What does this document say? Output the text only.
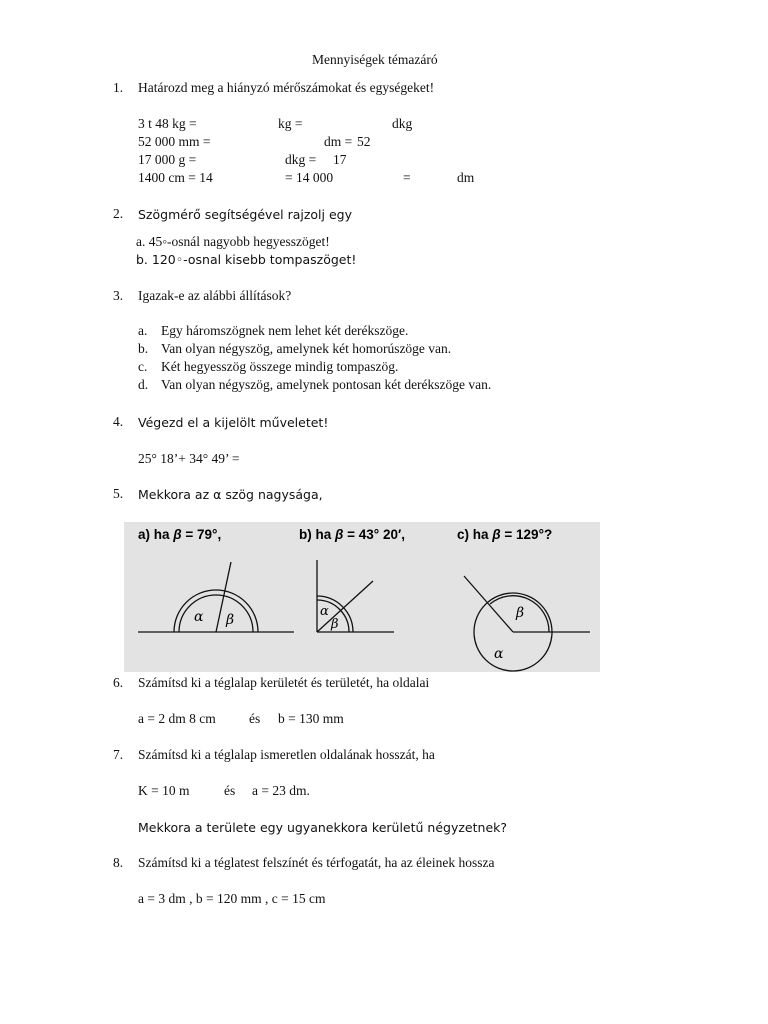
Mennyiségek témazáró
1. Határozd meg a hiányzó mérőszámokat és egységeket!
3 t 48 kg =	kg =	dkg
52 000 mm =	dm = 52
17 000 g =	dkg = 17
1400 cm = 14	= 14 000	=	dm
2. Szögmérő segítségével rajzolj egy
a. 45◦-osnál nagyobb hegyesszöget!
b. 120◦-osnal kisebb tompaszöget!
3. Igazak-e az alábbi állítások?
a. Egy háromszögnek nem lehet két derékszöge.
b. Van olyan négyszög, amelynek két homorúszöge van.
c. Két hegyesszög összege mindig tompaszög.
d. Van olyan négyszög, amelynek pontosan két derékszöge van.
4. Végezd el a kijelölt műveletet!
25° 18’+ 34° 49’ =
5. Mekkora az α szög nagysága,
a) ha β = 79°,	b) ha β = 43° 20′,	c) ha β = 129°?
α β
α
β
β
α
6. Számítsd ki a téglalap kerületét és területét, ha oldalai
a = 2 dm 8 cm és b = 130 mm
7. Számítsd ki a téglalap ismeretlen oldalának hosszát, ha
K = 10 m	és a = 23 dm.
Mekkora a területe egy ugyanekkora kerületű négyzetnek?
8. Számítsd ki a téglatest felszínét és térfogatát, ha az éleinek hossza
a = 3 dm , b = 120 mm , c = 15 cm
